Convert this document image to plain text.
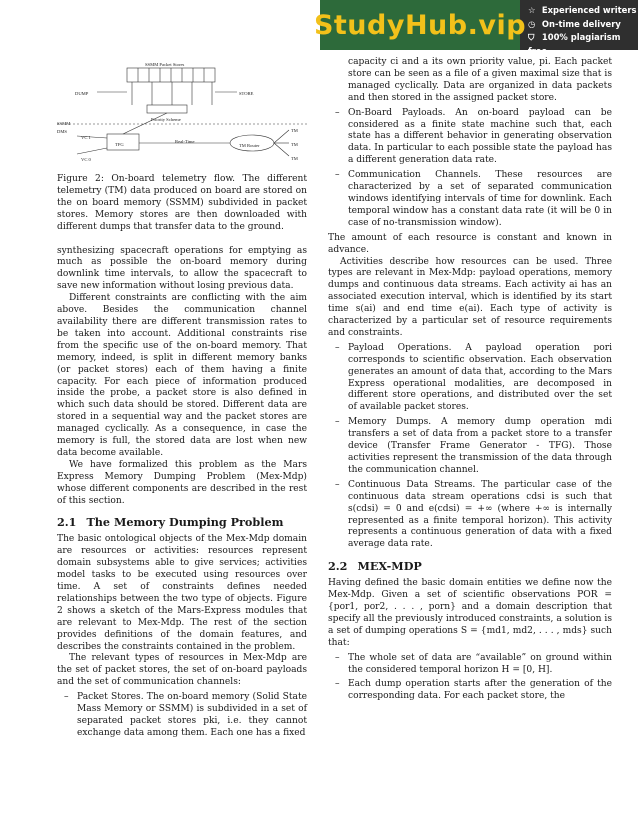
StudyHub.vip ☆ Experienced writers
◷ On-time delivery
⛉ 100% plagiarism free
SSMM Packet Stores
DUMP	STORE
Priority Scheme
SSMM
DMS
VC 1
TFG
Real-Time
TM Router
TM
TM
TM
VC 0

Figure 2: On-board telemetry flow. The different telemetry (TM) data produced on board are stored on the on board memory (SSMM) subdivided in packet stores. Memory stores are then downloaded with different dumps that transfer data to the ground.

synthesizing spacecraft operations for emptying as much as possible the on-board memory during downlink time intervals, to allow the spacecraft to save new information without losing previous data.

Different constraints are conflicting with the aim above. Besides the communication channel availability there are different transmission rates to be taken into account. Additional constraints rise from the specific use of the on-board memory. That memory, indeed, is split in different memory banks (or packet stores) each of them having a finite capacity. For each piece of information produced inside the probe, a packet store is also defined in which such data should be stored. Different data are stored in a sequential way and the packet stores are managed cyclically. As a consequence, in case the memory is full, the stored data are lost when new data become available.

We have formalized this problem as the Mars Express Memory Dumping Problem (Mex-Mdp) whose different components are described in the rest of this section.

2.1 The Memory Dumping Problem

The basic ontological objects of the Mex-Mdp domain are resources or activities: resources represent domain subsystems able to give services; activities model tasks to be executed using resources over time. A set of constraints defines needed relationships between the two type of objects. Figure 2 shows a sketch of the Mars-Express modules that are relevant to Mex-Mdp. The rest of the section provides definitions of the domain features, and describes the constraints contained in the problem.

The relevant types of resources in Mex-Mdp are the set of packet stores, the set of on-board payloads and the set of communication channels:

– Packet Stores. The on-board memory (Solid State Mass Memory or SSMM) is subdivided in a set of separated packet stores pki, i.e. they cannot exchange data among them. Each one has a fixed

capacity ci and a its own priority value, pi. Each packet store can be seen as a file of a given maximal size that is managed cyclically. Data are organized in data packets and then stored in the assigned packet store.

– On-Board Payloads. An on-board payload can be considered as a finite state machine such that, each state has a different behavior in generating observation data. In particular to each possible state the payload has a different generation data rate.
– Communication Channels. These resources are characterized by a set of separated communication windows identifying intervals of time for downlink. Each temporal window has a constant data rate (it will be 0 in case of no-transmission window).

The amount of each resource is constant and known in advance.

Activities describe how resources can be used. Three types are relevant in Mex-Mdp: payload operations, memory dumps and continuous data streams. Each activity ai has an associated execution interval, which is identified by its start time s(ai) and end time e(ai). Each type of activity is characterized by a particular set of resource requirements and constraints.

– Payload Operations. A payload operation pori corresponds to scientific observation. Each observation generates an amount of data that, according to the Mars Express operational modalities, are decomposed in different store operations, and distributed over the set of available packet stores.
– Memory Dumps. A memory dump operation mdi transfers a set of data from a packet store to a transfer device (Transfer Frame Generator - TFG). Those activities represent the transmission of the data through the communication channel.
– Continuous Data Streams. The particular case of the continuous data stream operations cdsi is such that s(cdsi) = 0 and e(cdsi) = +∞ (where +∞ is internally represented as a finite temporal horizon). This activity represents a continuous generation of data with a fixed average data rate.
2.2 MEX-MDP

Having defined the basic domain entities we define now the Mex-Mdp. Given a set of scientific observations POR = {por1, por2, . . . , porn} and a domain description that specify all the previously introduced constraints, a solution is a set of dumping operations S = {md1, md2, . . . , mds} such that:

– The whole set of data are “available” on ground within the considered temporal horizon H = [0, H].
– Each dump operation starts after the generation of the corresponding data. For each packet store, the
